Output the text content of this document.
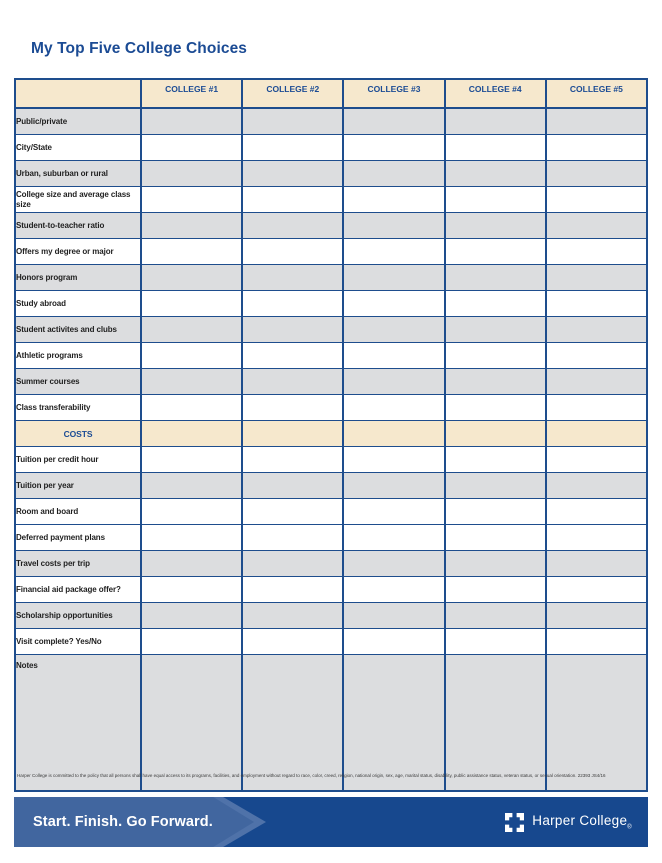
My Top Five College Choices
	COLLEGE #1	COLLEGE #2	COLLEGE #3	COLLEGE #4	COLLEGE #5
Public/private					
City/State					
Urban, suburban or rural					
College size and average class size					
Student-to-teacher ratio					
Offers my degree or major					
Honors program					
Study abroad					
Student activites and clubs					
Athletic programs					
Summer courses					
Class transferability					
COSTS					
Tuition per credit hour					
Tuition per year					
Room and board					
Deferred payment plans					
Travel costs per trip					
Financial aid package offer?					
Scholarship opportunities					
Visit complete? Yes/No					
Notes					
Harper College is committed to the policy that all persons shall have equal access to its programs, facilities, and employment without regard to race, color, creed, religion, national origin, sex, age, marital status, disability, public assistance status, veteran status, or sexual orientation. 22393 JS4/16
Start. Finish. Go Forward.	Harper College$_®$
